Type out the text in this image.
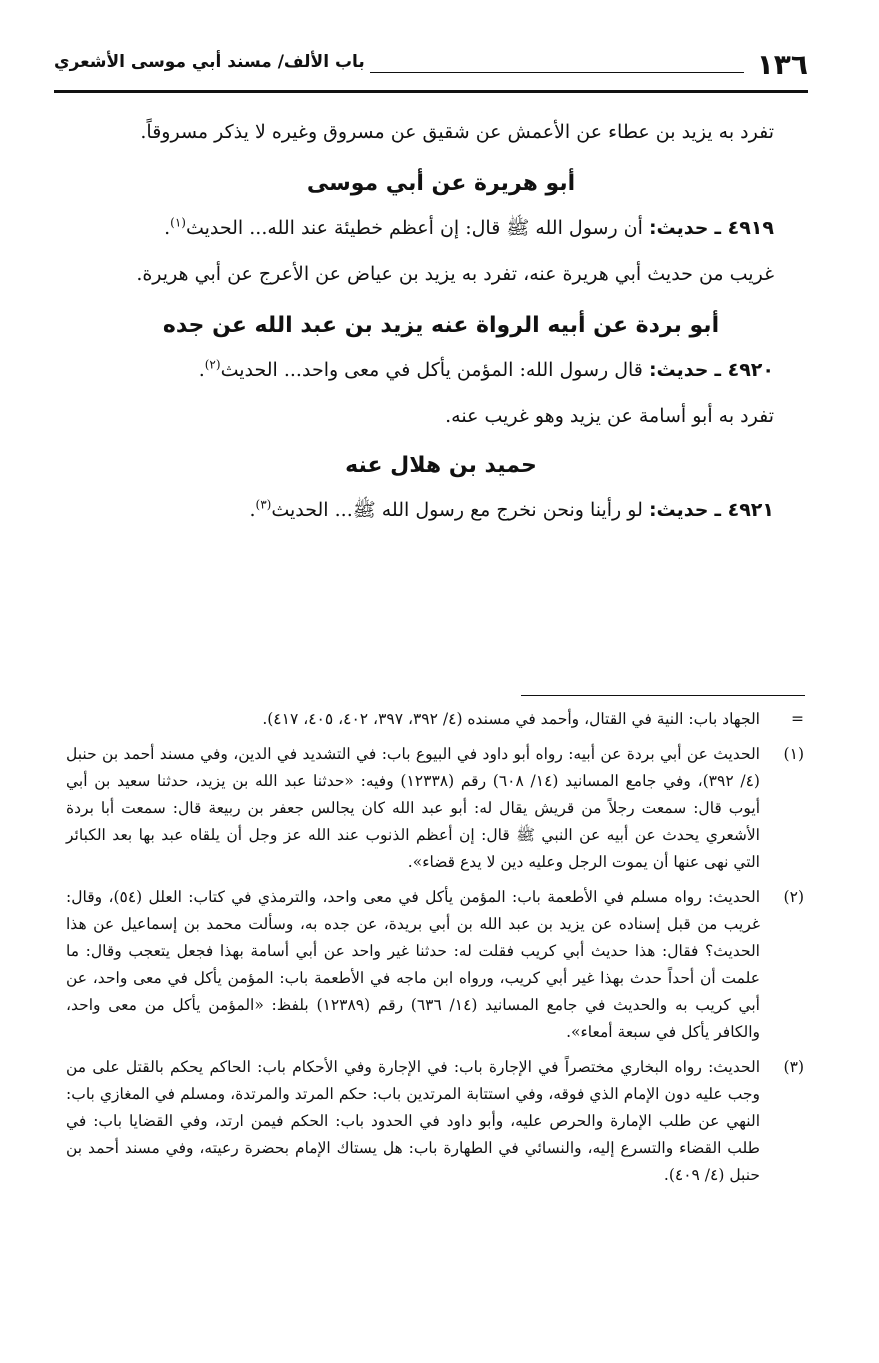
١٣٦
باب الألف/ مسند أبي موسى الأشعري

تفرد به يزيد بن عطاء عن الأعمش عن شقيق عن مسروق وغيره لا يذكر مسروقاً.

أبو هريرة عن أبي موسى

٤٩١٩ ـ حديث: أن رسول الله ﷺ قال: إن أعظم خطيئة عند الله... الحديث$^{(١)}$.

غريب من حديث أبي هريرة عنه، تفرد به يزيد بن عياض عن الأعرج عن أبي هريرة.

أبو بردة عن أبيه الرواة عنه يزيد بن عبد الله عن جده

٤٩٢٠ ـ حديث: قال رسول الله: المؤمن يأكل في معى واحد... الحديث$^{(٢)}$.

تفرد به أبو أسامة عن يزيد وهو غريب عنه.

حميد بن هلال عنه

٤٩٢١ ـ حديث: لو رأينا ونحن نخرج مع رسول الله ﷺ... الحديث$^{(٣)}$.

=
الجهاد باب: النية في القتال، وأحمد في مسنده (٤/ ٣٩٢، ٣٩٧، ٤٠٢، ٤٠٥، ٤١٧).
(١)
الحديث عن أبي بردة عن أبيه: رواه أبو داود في البيوع باب: في التشديد في الدين، وفي مسند أحمد بن حنبل (٤/ ٣٩٢)، وفي جامع المسانيد (١٤/ ٦٠٨) رقم (١٢٣٣٨) وفيه: «حدثنا عبد الله بن يزيد، حدثنا سعيد بن أبي أيوب قال: سمعت رجلاً من قريش يقال له: أبو عبد الله كان يجالس جعفر بن ربيعة قال: سمعت أبا بردة الأشعري يحدث عن أبيه عن النبي ﷺ قال: إن أعظم الذنوب عند الله عز وجل أن يلقاه عبد بها بعد الكبائر التي نهى عنها أن يموت الرجل وعليه دين لا يدع قضاء».
(٢)
الحديث: رواه مسلم في الأطعمة باب: المؤمن يأكل في معى واحد، والترمذي في كتاب: العلل (٥٤)، وقال: غريب من قبل إسناده عن يزيد بن عبد الله بن أبي بريدة، عن جده به، وسألت محمد بن إسماعيل عن هذا الحديث؟ فقال: هذا حديث أبي كريب فقلت له: حدثنا غير واحد عن أبي أسامة بهذا فجعل يتعجب وقال: ما علمت أن أحداً حدث بهذا غير أبي كريب، ورواه ابن ماجه في الأطعمة باب: المؤمن يأكل في معى واحد، عن أبي كريب به والحديث في جامع المسانيد (١٤/ ٦٣٦) رقم (١٢٣٨٩) بلفظ: «المؤمن يأكل من معى واحد، والكافر يأكل في سبعة أمعاء».
(٣)
الحديث: رواه البخاري مختصراً في الإجارة باب: في الإجارة وفي الأحكام باب: الحاكم يحكم بالقتل على من وجب عليه دون الإمام الذي فوقه، وفي استتابة المرتدين باب: حكم المرتد والمرتدة، ومسلم في المغازي باب: النهي عن طلب الإمارة والحرص عليه، وأبو داود في الحدود باب: الحكم فيمن ارتد، وفي القضايا باب: في طلب القضاء والتسرع إليه، والنسائي في الطهارة باب: هل يستاك الإمام بحضرة رعيته، وفي مسند أحمد بن حنبل (٤/ ٤٠٩).
